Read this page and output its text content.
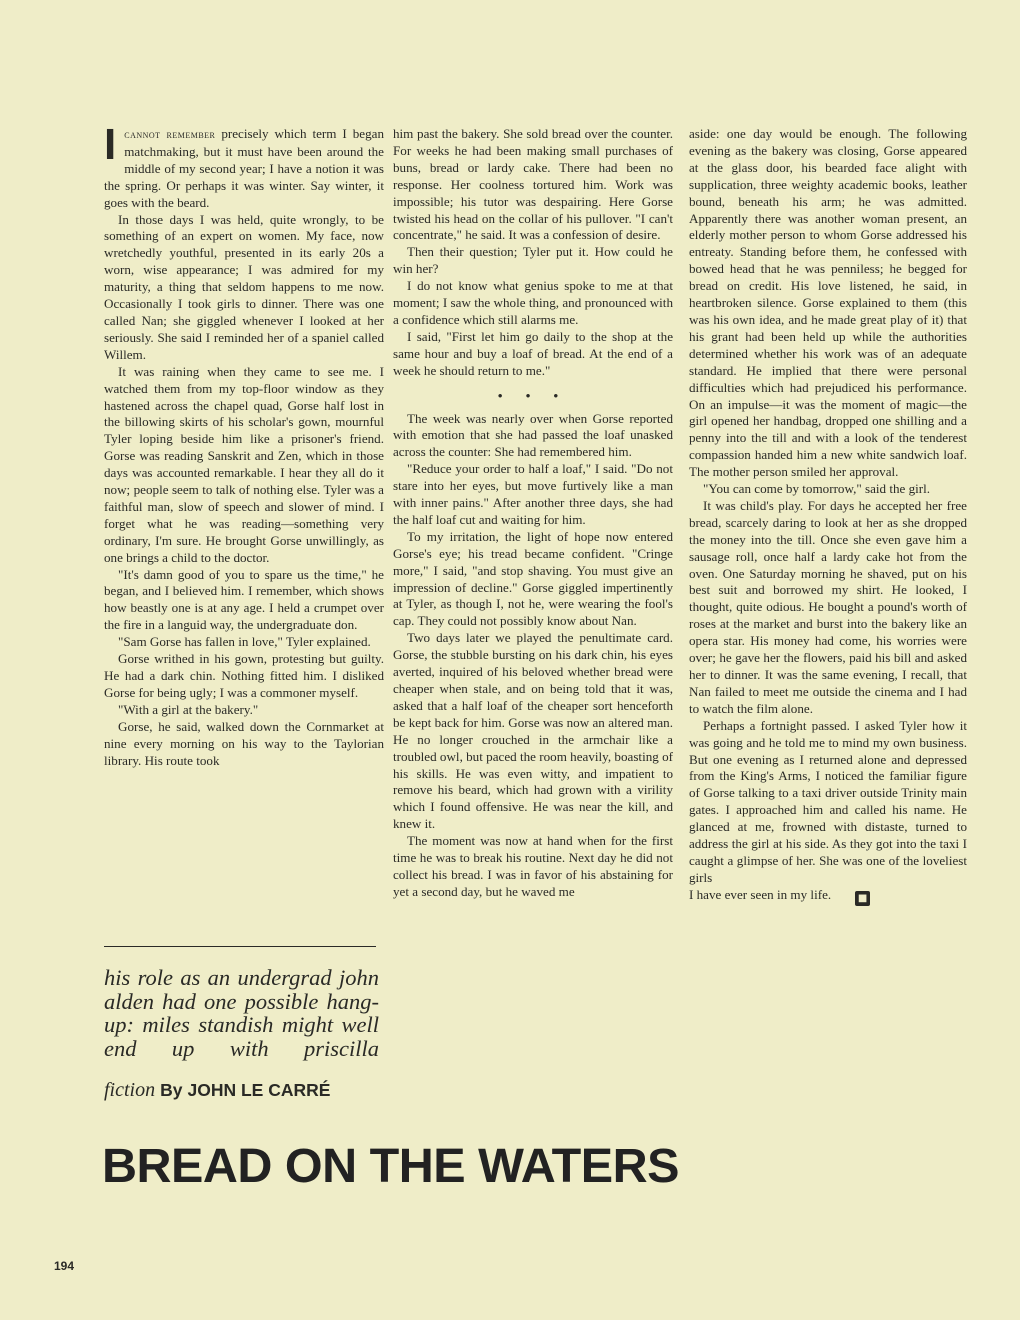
Icannot remember precisely which term I began matchmaking, but it must have been around the middle of my second year; I have a notion it was the spring. Or perhaps it was winter. Say winter, it goes with the beard.

In those days I was held, quite wrongly, to be something of an expert on women. My face, now wretchedly youthful, presented in its early 20s a worn, wise appearance; I was admired for my maturity, a thing that seldom happens to me now. Occasionally I took girls to dinner. There was one called Nan; she giggled whenever I looked at her seriously. She said I reminded her of a spaniel called Willem.

It was raining when they came to see me. I watched them from my top-floor window as they hastened across the chapel quad, Gorse half lost in the billowing skirts of his scholar's gown, mournful Tyler loping beside him like a prisoner's friend. Gorse was reading Sanskrit and Zen, which in those days was accounted remarkable. I hear they all do it now; people seem to talk of nothing else. Tyler was a faithful man, slow of speech and slower of mind. I forget what he was reading—something very ordinary, I'm sure. He brought Gorse unwillingly, as one brings a child to the doctor.

"It's damn good of you to spare us the time," he began, and I believed him. I remember, which shows how beastly one is at any age. I held a crumpet over the fire in a languid way, the undergraduate don.

"Sam Gorse has fallen in love," Tyler explained.

Gorse writhed in his gown, protesting but guilty. He had a dark chin. Nothing fitted him. I disliked Gorse for being ugly; I was a commoner myself.

"With a girl at the bakery."

Gorse, he said, walked down the Cornmarket at nine every morning on his way to the Taylorian library. His route took

him past the bakery. She sold bread over the counter. For weeks he had been making small purchases of buns, bread or lardy cake. There had been no response. Her coolness tortured him. Work was impossible; his tutor was despairing. Here Gorse twisted his head on the collar of his pullover. "I can't concentrate," he said. It was a confession of desire.

Then their question; Tyler put it. How could he win her?

I do not know what genius spoke to me at that moment; I saw the whole thing, and pronounced with a confidence which still alarms me.

I said, "First let him go daily to the shop at the same hour and buy a loaf of bread. At the end of a week he should return to me."

• • •

The week was nearly over when Gorse reported with emotion that she had passed the loaf unasked across the counter: She had remembered him.

"Reduce your order to half a loaf," I said. "Do not stare into her eyes, but move furtively like a man with inner pains." After another three days, she had the half loaf cut and waiting for him.

To my irritation, the light of hope now entered Gorse's eye; his tread became confident. "Cringe more," I said, "and stop shaving. You must give an impression of decline." Gorse giggled impertinently at Tyler, as though I, not he, were wearing the fool's cap. They could not possibly know about Nan.

Two days later we played the penultimate card. Gorse, the stubble bursting on his dark chin, his eyes averted, inquired of his beloved whether bread were cheaper when stale, and on being told that it was, asked that a half loaf of the cheaper sort henceforth be kept back for him. Gorse was now an altered man. He no longer crouched in the armchair like a troubled owl, but paced the room heavily, boasting of his skills. He was even witty, and impatient to remove his beard, which had grown with a virility which I found offensive. He was near the kill, and knew it.

The moment was now at hand when for the first time he was to break his routine. Next day he did not collect his bread. I was in favor of his abstaining for yet a second day, but he waved me

aside: one day would be enough. The following evening as the bakery was closing, Gorse appeared at the glass door, his bearded face alight with supplication, three weighty academic books, leather bound, beneath his arm; he was admitted. Apparently there was another woman present, an elderly mother person to whom Gorse addressed his entreaty. Standing before them, he confessed with bowed head that he was penniless; he begged for bread on credit. His love listened, he said, in heartbroken silence. Gorse explained to them (this was his own idea, and he made great play of it) that his grant had been held up while the authorities determined whether his work was of an adequate standard. He implied that there were personal difficulties which had prejudiced his performance. On an impulse—it was the moment of magic—the girl opened her handbag, dropped one shilling and a penny into the till and with a look of the tenderest compassion handed him a new white sandwich loaf. The mother person smiled her approval.

"You can come by tomorrow," said the girl.

It was child's play. For days he accepted her free bread, scarcely daring to look at her as she dropped the money into the till. Once she even gave him a sausage roll, once half a lardy cake hot from the oven. One Saturday morning he shaved, put on his best suit and borrowed my shirt. He looked, I thought, quite odious. He bought a pound's worth of roses at the market and burst into the bakery like an opera star. His money had come, his worries were over; he gave her the flowers, paid his bill and asked her to dinner. It was the same evening, I recall, that Nan failed to meet me outside the cinema and I had to watch the film alone.

Perhaps a fortnight passed. I asked Tyler how it was going and he told me to mind my own business. But one evening as I returned alone and depressed from the King's Arms, I noticed the familiar figure of Gorse talking to a taxi driver outside Trinity main gates. I approached him and called his name. He glanced at me, frowned with distaste, turned to address the girl at his side. As they got into the taxi I caught a glimpse of her. She was one of the loveliest girls

I have ever seen in my life.	■

his role as an undergrad john alden had one possible hang-up: miles standish might well end up with priscilla
fiction By JOHN LE CARRÉ
BREAD ON THE WATERS
194
